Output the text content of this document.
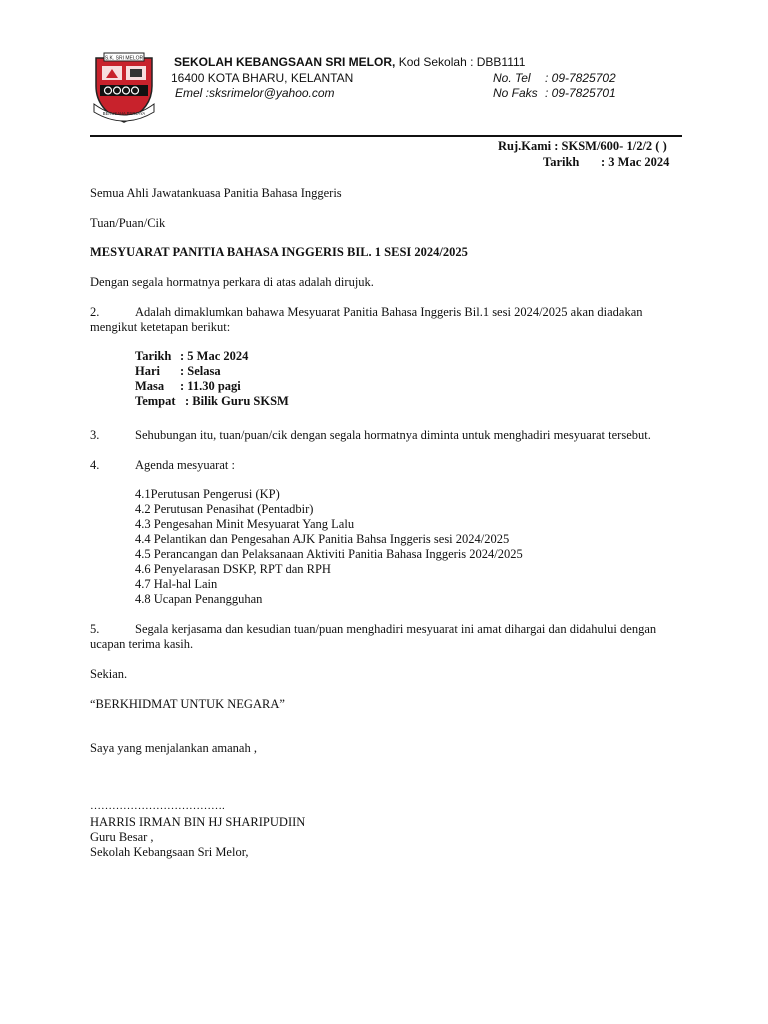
S.K. SRI MELOR
BERUSAHA BERJAYA
SEKOLAH KEBANGSAAN SRI MELOR, Kod Sekolah : DBB1111
16400 KOTA BHARU, KELANTAN
Emel :sksrimelor@yahoo.com
No. Tel : 09-7825702
No Faks : 09-7825701
Ruj.Kami : SKSM/600- 1/2/2 ( )
Tarikh : 3 Mac 2024
Semua Ahli Jawatankuasa Panitia Bahasa Inggeris
Tuan/Puan/Cik
MESYUARAT PANITIA BAHASA INGGERIS BIL. 1 SESI 2024/2025
Dengan segala hormatnya perkara di atas adalah dirujuk.
2.	Adalah dimaklumkan bahawa Mesyuarat Panitia Bahasa Inggeris Bil.1 sesi 2024/2025 akan diadakan
mengikut ketetapan berikut:
Tarikh : 5 Mac 2024
Hari : Selasa
Masa : 11.30 pagi
Tempat : Bilik Guru SKSM
3.	Sehubungan itu, tuan/puan/cik dengan segala hormatnya diminta untuk menghadiri mesyuarat tersebut.
4.	Agenda mesyuarat :
4.1Perutusan Pengerusi (KP)
4.2 Perutusan Penasihat (Pentadbir)
4.3 Pengesahan Minit Mesyuarat Yang Lalu
4.4 Pelantikan dan Pengesahan AJK Panitia Bahsa Inggeris sesi 2024/2025
4.5 Perancangan dan Pelaksanaan Aktiviti Panitia Bahasa Inggeris 2024/2025
4.6 Penyelarasan DSKP, RPT dan RPH
4.7 Hal-hal Lain
4.8 Ucapan Penangguhan
5.	Segala kerjasama dan kesudian tuan/puan menghadiri mesyuarat ini amat dihargai dan didahului dengan
ucapan terima kasih.
Sekian.
“BERKHIDMAT UNTUK NEGARA”
Saya yang menjalankan amanah ,
……………………………….
HARRIS IRMAN BIN HJ SHARIPUDIIN
Guru Besar ,
Sekolah Kebangsaan Sri Melor,
